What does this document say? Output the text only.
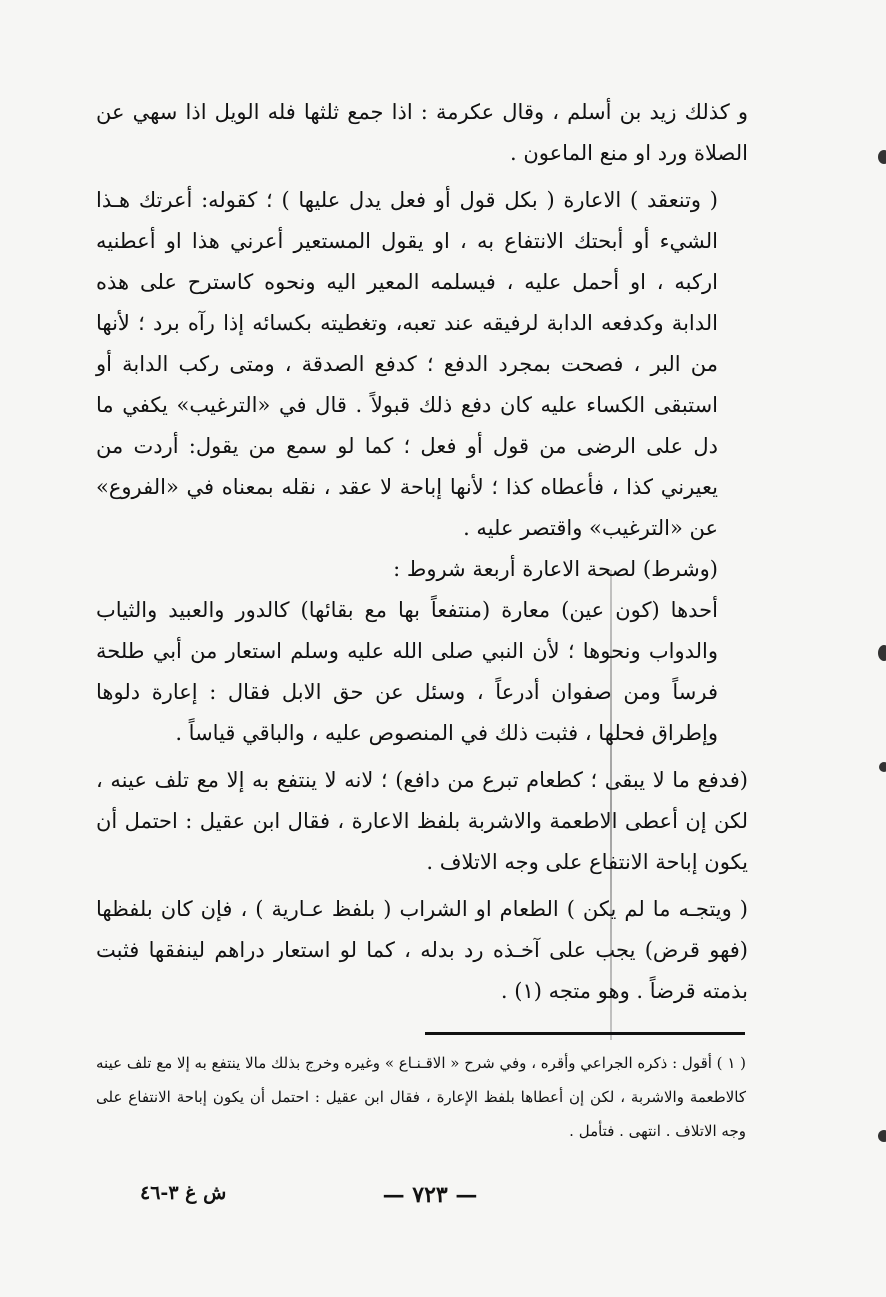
و كذلك زيد بن أسلم ، وقال عكرمة : اذا جمع ثلثها فله الويل اذا سهي عن الصلاة ورد او منع الماعون .

( وتنعقد ) الاعارة ( بكل قول أو فعل يدل عليها ) ؛ كقوله: أعرتك هـذا الشيء أو أبحتك الانتفاع به ، او يقول المستعير أعرني هذا او أعطنيه اركبه ، او أحمل عليه ، فيسلمه المعير اليه ونحوه كاسترح على هذه الدابة وكدفعه الدابة لرفيقه عند تعبه، وتغطيته بكسائه إذا رآه برد ؛ لأنها من البر ، فصحت بمجرد الدفع ؛ كدفع الصدقة ، ومتى ركب الدابة أو استبقى الكساء عليه كان دفع ذلك قبولاً . قال في «الترغيب» يكفي ما دل على الرضى من قول أو فعل ؛ كما لو سمع من يقول: أردت من يعيرني كذا ، فأعطاه كذا ؛ لأنها إباحة لا عقد ، نقله بمعناه في «الفروع» عن «الترغيب» واقتصر عليه .

(وشرط) لصحة الاعارة أربعة شروط :

أحدها (كون عين) معارة (منتفعاً بها مع بقائها) كالدور والعبيد والثياب والدواب ونحوها ؛ لأن النبي صلى الله عليه وسلم استعار من أبي طلحة فرساً ومن صفوان أدرعاً ، وسئل عن حق الابل فقال : إعارة دلوها وإطراق فحلها ، فثبت ذلك في المنصوص عليه ، والباقي قياساً .

(فدفع ما لا يبقى ؛ كطعام تبرع من دافع) ؛ لانه لا ينتفع به إلا مع تلف عينه ، لكن إن أعطى الاطعمة والاشربة بلفظ الاعارة ، فقال ابن عقيل : احتمل أن يكون إباحة الانتفاع على وجه الاتلاف .

( ويتجـه ما لم يكن ) الطعام او الشراب ( بلفظ عـارية ) ، فإن كان بلفظها (فهو قرض) يجب على آخـذه رد بدله ، كما لو استعار دراهم لينفقها فثبت بذمته قرضاً . وهو متجه (١) .

( ١ ) أقول : ذكره الجراعي وأقره ، وفي شرح « الاقـنـاع » وغيره وخرج بذلك مالا ينتفع به إلا مع تلف عينه كالاطعمة والاشربة ، لكن إن أعطاها بلفظ الإعارة ، فقال ابن عقيل : احتمل أن يكون إباحة الانتفاع على وجه الاتلاف . انتهى . فتأمل .

— ٧٢٣ —
ش غ ٣-٤٦
